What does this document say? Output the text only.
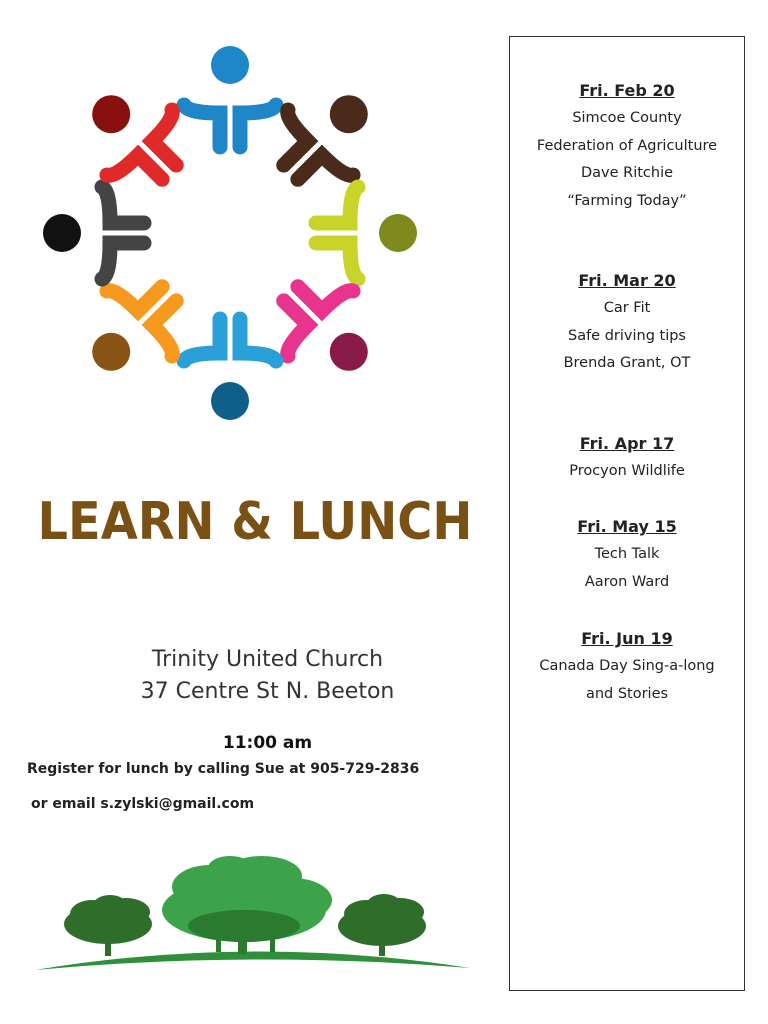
LEARN & LUNCH
Trinity United Church
37 Centre St N. Beeton
11:00 am
Register for lunch by calling Sue at 905-729-2836
or email s.zylski@gmail.com
Fri. Feb 20
Simcoe County
Federation of Agriculture
Dave Ritchie
“Farming Today”
Fri. Mar 20
Car Fit
Safe driving tips
Brenda Grant, OT
Fri. Apr 17
Procyon Wildlife
Fri. May 15
Tech Talk
Aaron Ward
Fri. Jun 19
Canada Day Sing-a-long
and Stories
